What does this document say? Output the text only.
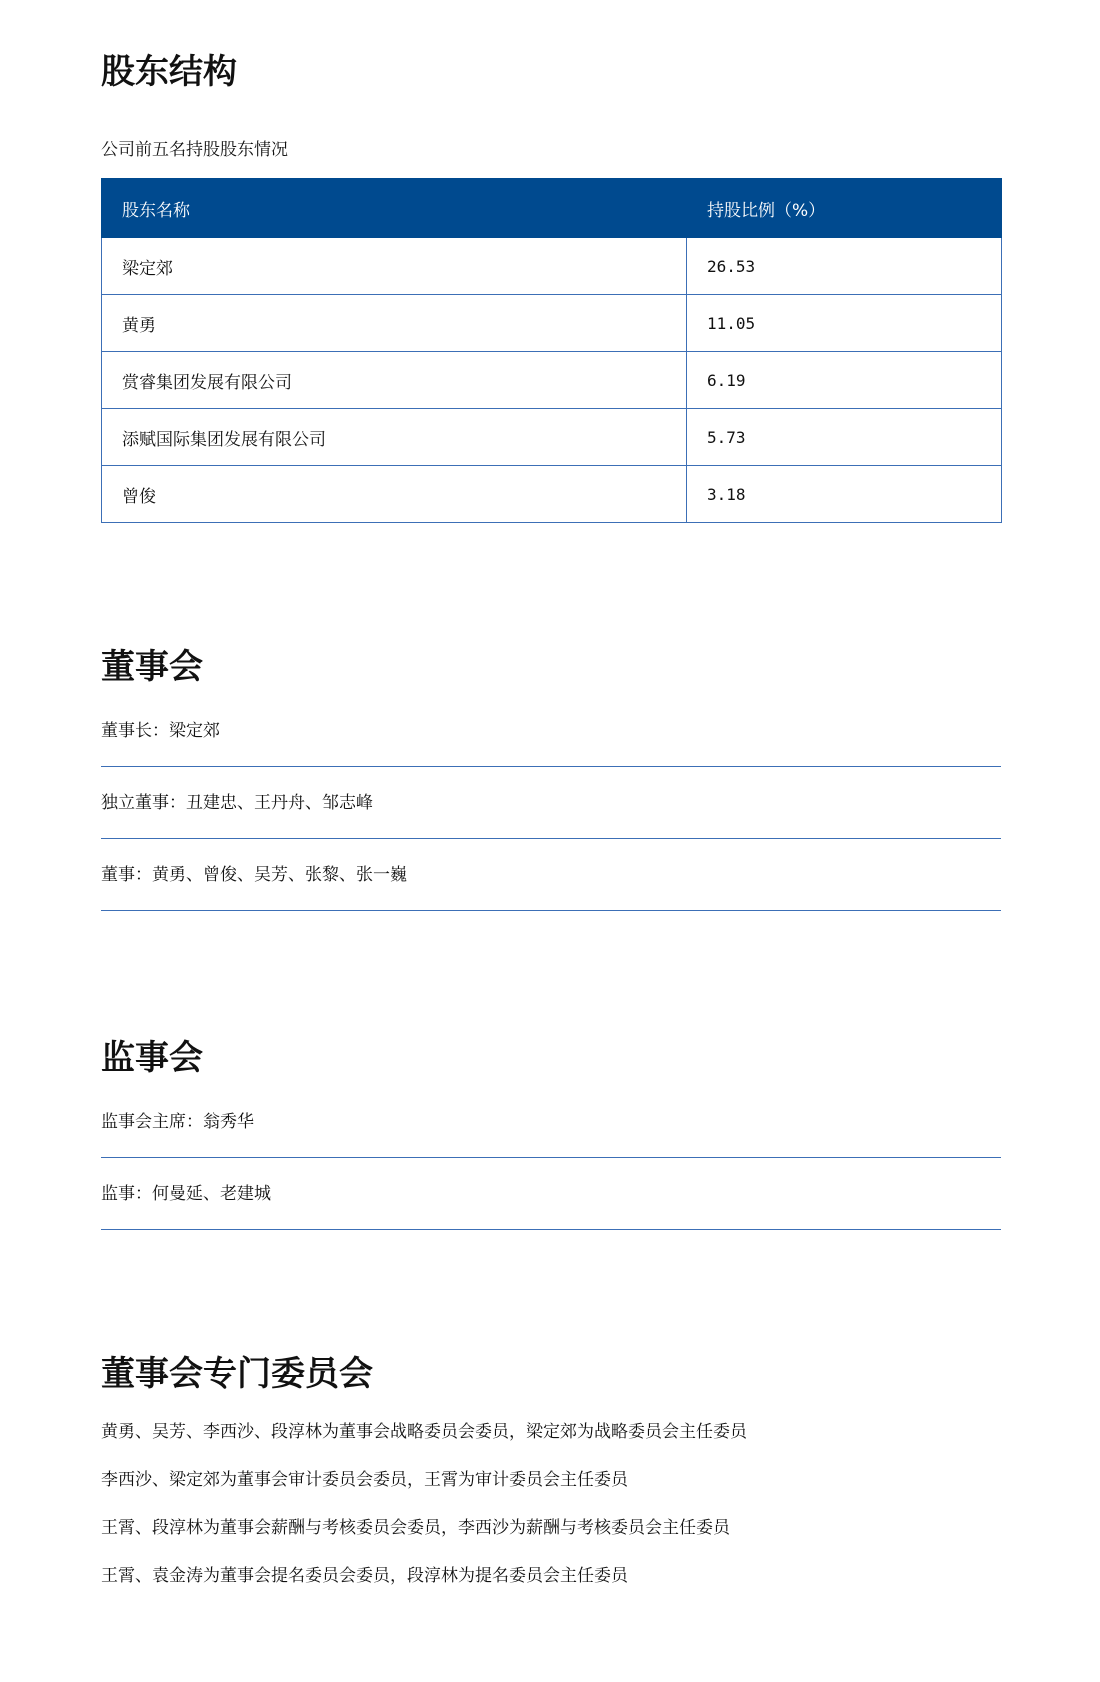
股东结构
公司前五名持股股东情况
股东名称	持股比例（%）
梁定郊	26.53
黄勇	11.05
赏睿集团发展有限公司	6.19
添赋国际集团发展有限公司	5.73
曾俊	3.18
董事会
董事长：梁定郊
独立董事：丑建忠、王丹舟、邹志峰
董事：黄勇、曾俊、吴芳、张黎、张一巍
监事会
监事会主席：翁秀华
监事：何曼延、老建城
董事会专门委员会
黄勇、吴芳、李西沙、段淳林为董事会战略委员会委员，梁定郊为战略委员会主任委员
李西沙、梁定郊为董事会审计委员会委员，王霄为审计委员会主任委员
王霄、段淳林为董事会薪酬与考核委员会委员，李西沙为薪酬与考核委员会主任委员
王霄、袁金涛为董事会提名委员会委员，段淳林为提名委员会主任委员
